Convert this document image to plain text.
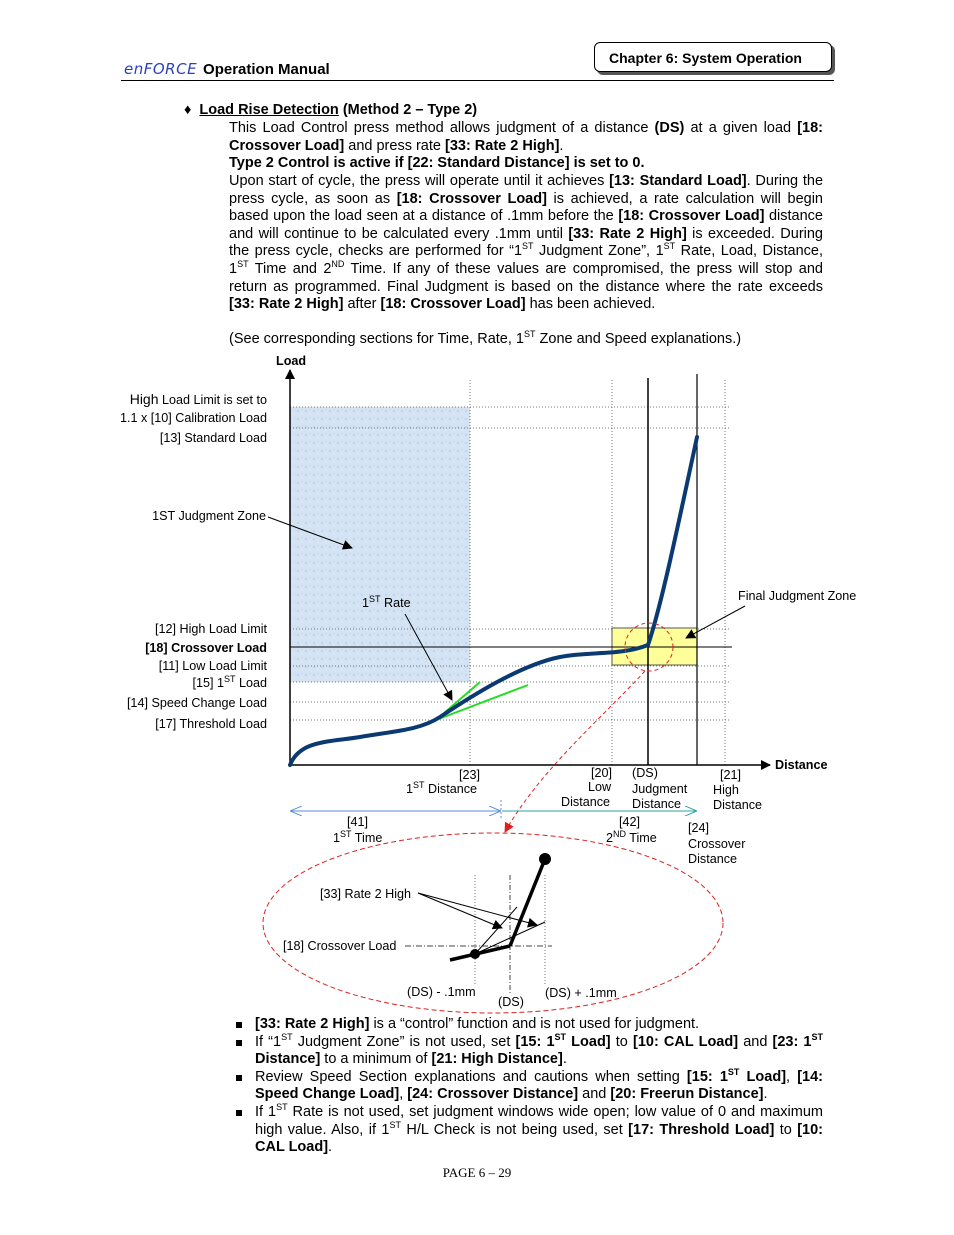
enFORCE Operation Manual
Chapter 6: System Operation
♦ Load Rise Detection (Method 2 – Type 2)
This Load Control press method allows judgment of a distance (DS) at a given load [18: Crossover Load] and press rate [33: Rate 2 High].
Type 2 Control is active if [22: Standard Distance] is set to 0.
Upon start of cycle, the press will operate until it achieves [13: Standard Load]. During the press cycle, as soon as [18: Crossover Load] is achieved, a rate calculation will begin based upon the load seen at a distance of .1mm before the [18: Crossover Load] distance and will continue to be calculated every .1mm until [33: Rate 2 High] is exceeded. During the press cycle, checks are performed for “1ST Judgment Zone”, 1ST Rate, Load, Distance, 1ST Time and 2ND Time. If any of these values are compromised, the press will stop and return as programmed. Final Judgment is based on the distance where the rate exceeds [33: Rate 2 High] after [18: Crossover Load] has been achieved.
(See corresponding sections for Time, Rate, 1ST Zone and Speed explanations.)
Load
Distance
High Load Limit is set to
1.1 x [10] Calibration Load
[13] Standard Load
1ST Judgment Zone
[12] High Load Limit
[18] Crossover Load
[11] Low Load Limit
[15] 1ST Load
[14] Speed Change Load
[17] Threshold Load
1ST Rate	Final Judgment Zone
[23]
1ST Distance
[20]
Low
Distance
(DS)
Judgment
Distance
[21]
High
Distance
[41]
1ST Time
[42]
2ND Time
[24]
Crossover
Distance
[33] Rate 2 High
[18] Crossover Load
(DS) - .1mm
(DS)
(DS) + .1mm
[33: Rate 2 High] is a “control” function and is not used for judgment.
If “1ST Judgment Zone” is not used, set [15: 1ST Load] to [10: CAL Load] and [23: 1ST Distance] to a minimum of [21: High Distance].
Review Speed Section explanations and cautions when setting [15: 1ST Load], [14: Speed Change Load], [24: Crossover Distance] and [20: Freerun Distance].
If 1ST Rate is not used, set judgment windows wide open; low value of 0 and maximum high value. Also, if 1ST H/L Check is not being used, set [17: Threshold Load] to [10: CAL Load].
PAGE 6 – 29
